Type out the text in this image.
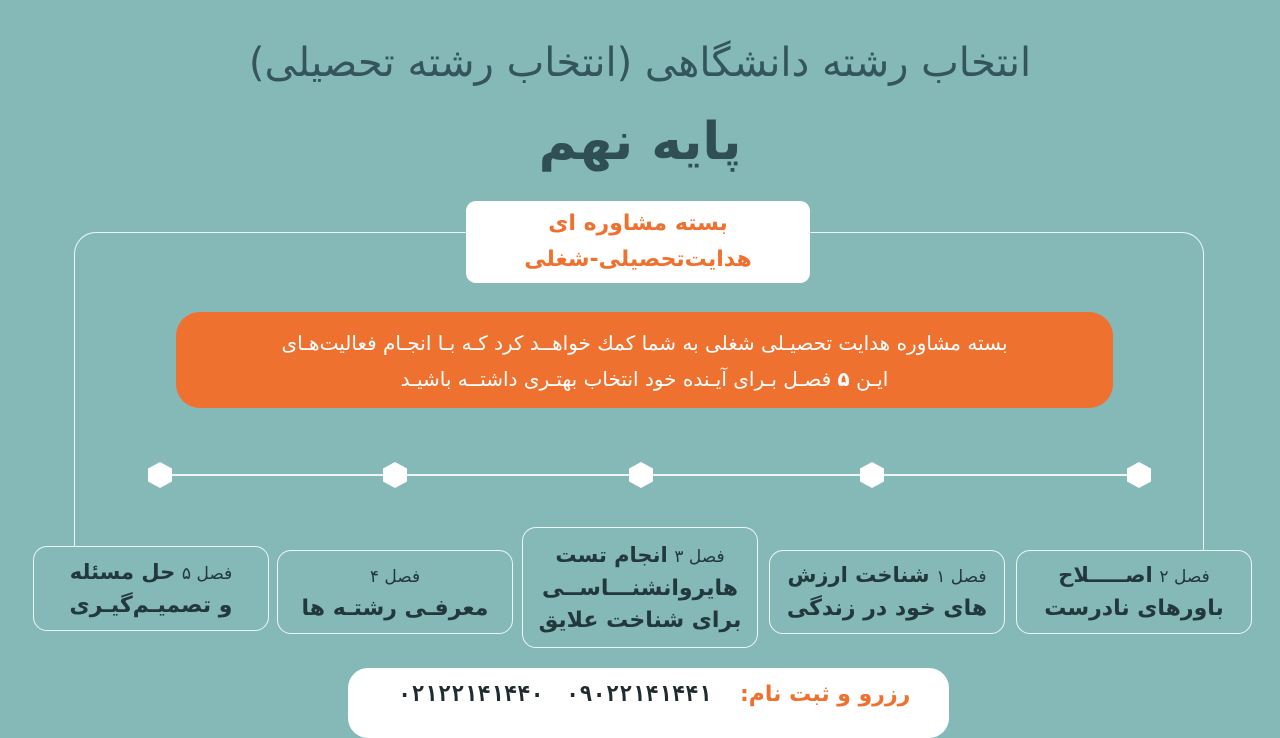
انتخاب رشته دانشگاهی (انتخاب رشته تحصیلی)
پایه نهم
بسته مشاوره ای
هدایت‌تحصیلی-شغلی
بسته مشاوره هدایت تحصیـلی شغلی به شما کمك خواهــد کرد کـه بـا انجـام فعالیت‌هـای
ایـن ۵ فصـل بـرای آیـنده خود انتخاب بهتـری داشتــه باشیـد
فصل ۲ اصـــــلاح
باورهای نادرست
فصل ۱ شناخت ارزش
های خود در زندگی
فصل ۳ انجام تست
هایروانشنـــاســی
برای شناخت علایق
فصل ۴
معرفـی رشتـه ها
فصل ۵ حل مسئله
و تصمیـم‌گیـری
رزرو و ثبت نام:
۰۹۰۲۲۱۴۱۴۴۱
۰۲۱۲۲۱۴۱۴۴۰
